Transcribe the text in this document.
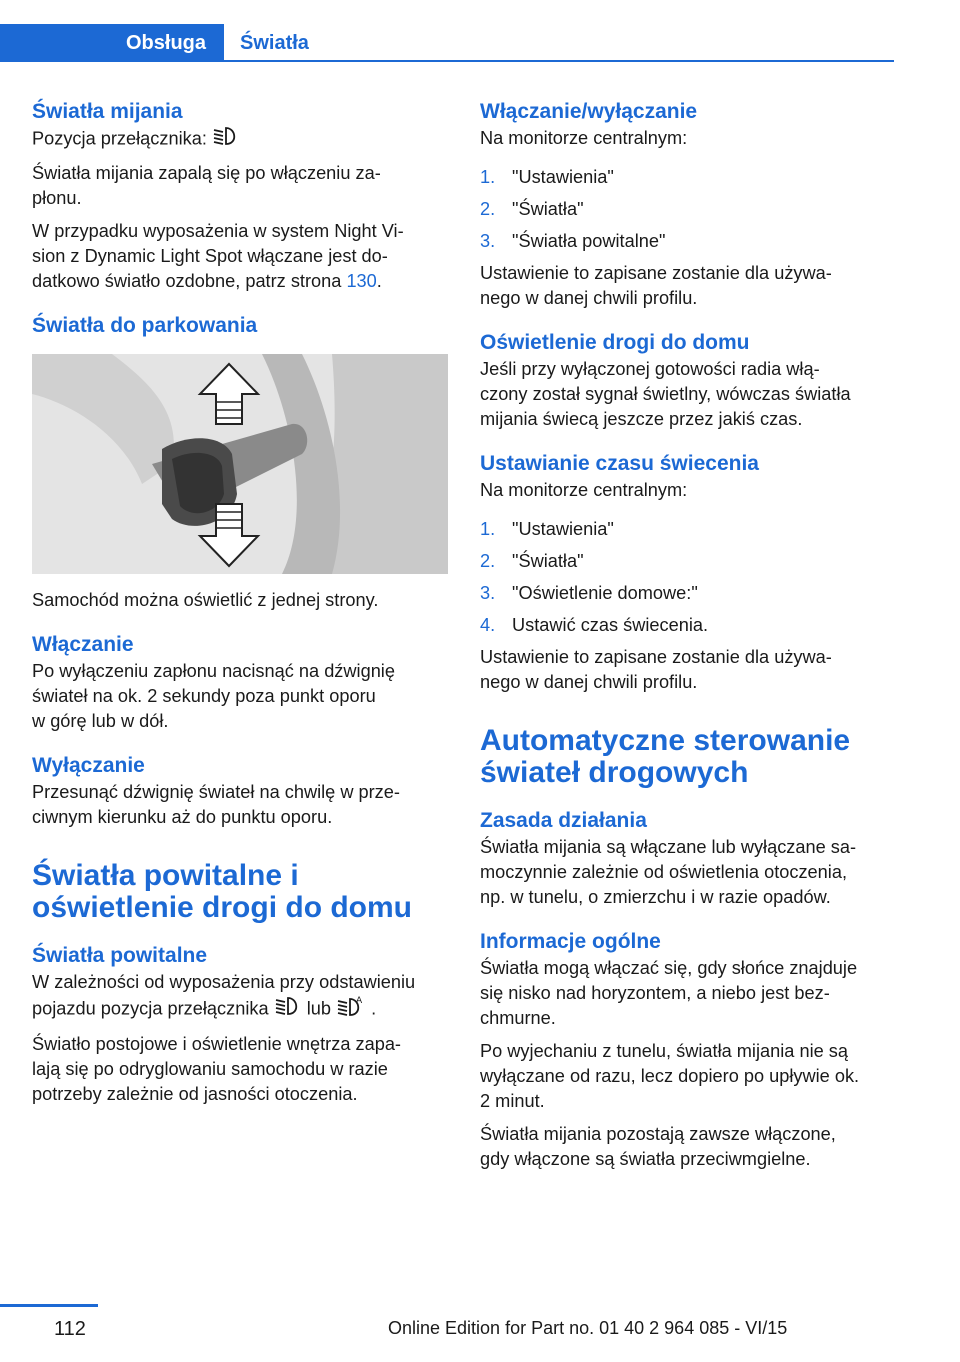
Obsługa Światła
Światła mijania

Pozycja przełącznika:

Światła mijania zapalą się po włączeniu za‐
płonu.

W przypadku wyposażenia w system Night Vi‐
sion z Dynamic Light Spot włączane jest do‐
datkowo światło ozdobne, patrz strona 130.

Światła do parkowania

Samochód można oświetlić z jednej strony.

Włączanie

Po wyłączeniu zapłonu nacisnąć na dźwignię
świateł na ok. 2 sekundy poza punkt oporu
w górę lub w dół.

Wyłączanie

Przesunąć dźwignię świateł na chwilę w prze‐
ciwnym kierunku aż do punktu oporu.

Światła powitalne i
oświetlenie drogi do domu
Światła powitalne

W zależności od wyposażenia przy odstawieniu
pojazdu pozycja przełącznika lub	A .

Światło postojowe i oświetlenie wnętrza zapa‐
lają się po odryglowaniu samochodu w razie
potrzeby zależnie od jasności otoczenia.

Włączanie/wyłączanie

Na monitorze centralnym:

1. "Ustawienia"
2. "Światła"
3. "Światła powitalne"

Ustawienie to zapisane zostanie dla używa‐
nego w danej chwili profilu.

Oświetlenie drogi do domu

Jeśli przy wyłączonej gotowości radia włą‐
czony został sygnał świetlny, wówczas światła
mijania świecą jeszcze przez jakiś czas.

Ustawianie czasu świecenia

Na monitorze centralnym:

1. "Ustawienia"
2. "Światła"
3. "Oświetlenie domowe:"
4. Ustawić czas świecenia.

Ustawienie to zapisane zostanie dla używa‐
nego w danej chwili profilu.

Automatyczne sterowanie
świateł drogowych
Zasada działania

Światła mijania są włączane lub wyłączane sa‐
moczynnie zależnie od oświetlenia otoczenia,
np. w tunelu, o zmierzchu i w razie opadów.

Informacje ogólne

Światła mogą włączać się, gdy słońce znajduje
się nisko nad horyzontem, a niebo jest bez‐
chmurne.

Po wyjechaniu z tunelu, światła mijania nie są
wyłączane od razu, lecz dopiero po upływie ok.
2 minut.

Światła mijania pozostają zawsze włączone,
gdy włączone są światła przeciwmgielne.

112	Online Edition for Part no. 01 40 2 964 085 - VI/15
